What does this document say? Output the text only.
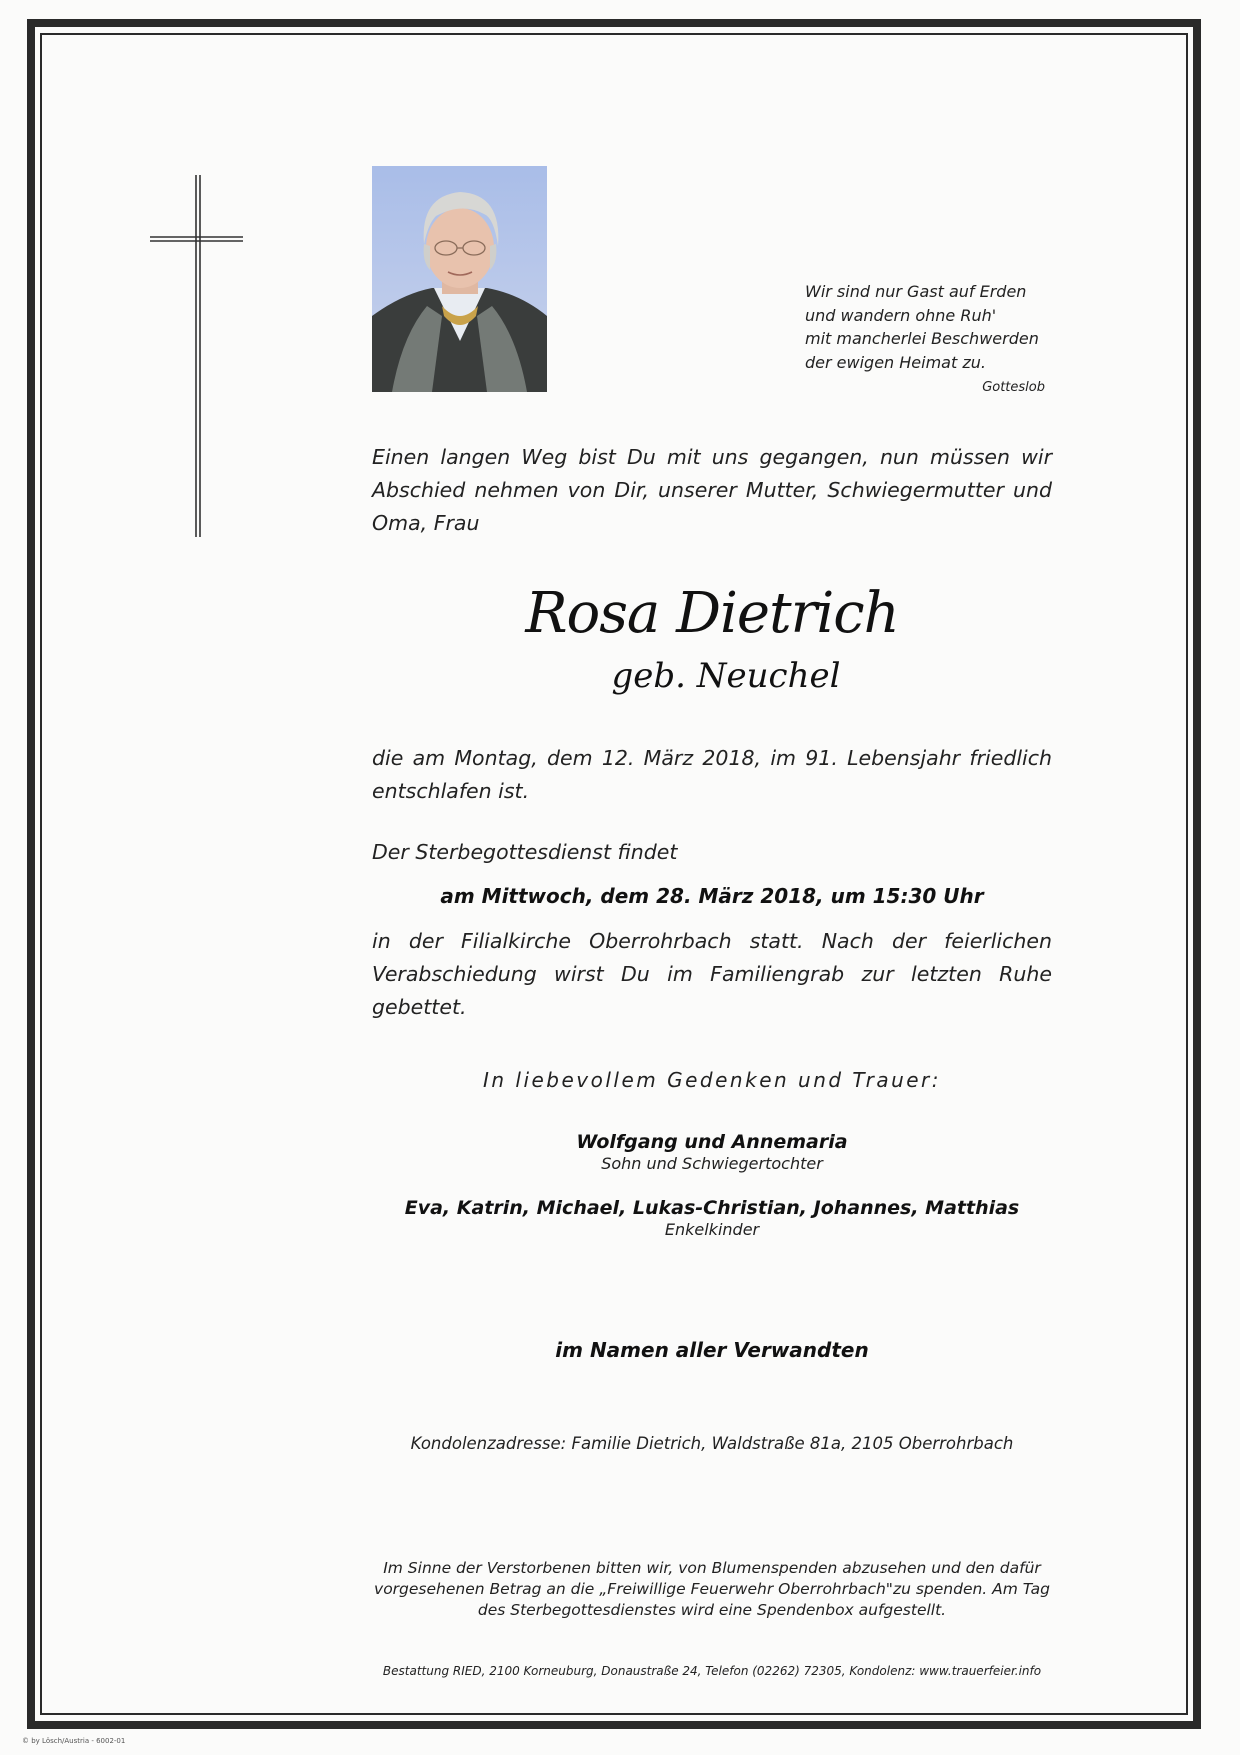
Wir sind nur Gast auf Erden
und wandern ohne Ruh'
mit mancherlei Beschwerden
der ewigen Heimat zu.
Gotteslob
Einen langen Weg bist Du mit uns gegangen, nun müssen wir Abschied nehmen von Dir, unserer Mutter, Schwiegermutter und Oma, Frau
Rosa Dietrich
geb. Neuchel
die am Montag, dem 12. März 2018, im 91. Lebensjahr friedlich entschlafen ist.
Der Sterbegottesdienst findet
am Mittwoch, dem 28. März 2018, um 15:30 Uhr
in der Filialkirche Oberrohrbach statt. Nach der feierlichen Verabschiedung wirst Du im Familiengrab zur letzten Ruhe gebettet.
In liebevollem Gedenken und Trauer:
Wolfgang und Annemaria
Sohn und Schwiegertochter
Eva, Katrin, Michael, Lukas-Christian, Johannes, Matthias
Enkelkinder
im Namen aller Verwandten
Kondolenzadresse: Familie Dietrich, Waldstraße 81a, 2105 Oberrohrbach
Im Sinne der Verstorbenen bitten wir, von Blumenspenden abzusehen und den dafür vorgesehenen Betrag an die „Freiwillige Feuerwehr Oberrohrbach"zu spenden. Am Tag des Sterbegottesdienstes wird eine Spendenbox aufgestellt.
Bestattung RIED, 2100 Korneuburg, Donaustraße 24, Telefon (02262) 72305, Kondolenz: www.trauerfeier.info
© by Lösch/Austria - 6002-01
